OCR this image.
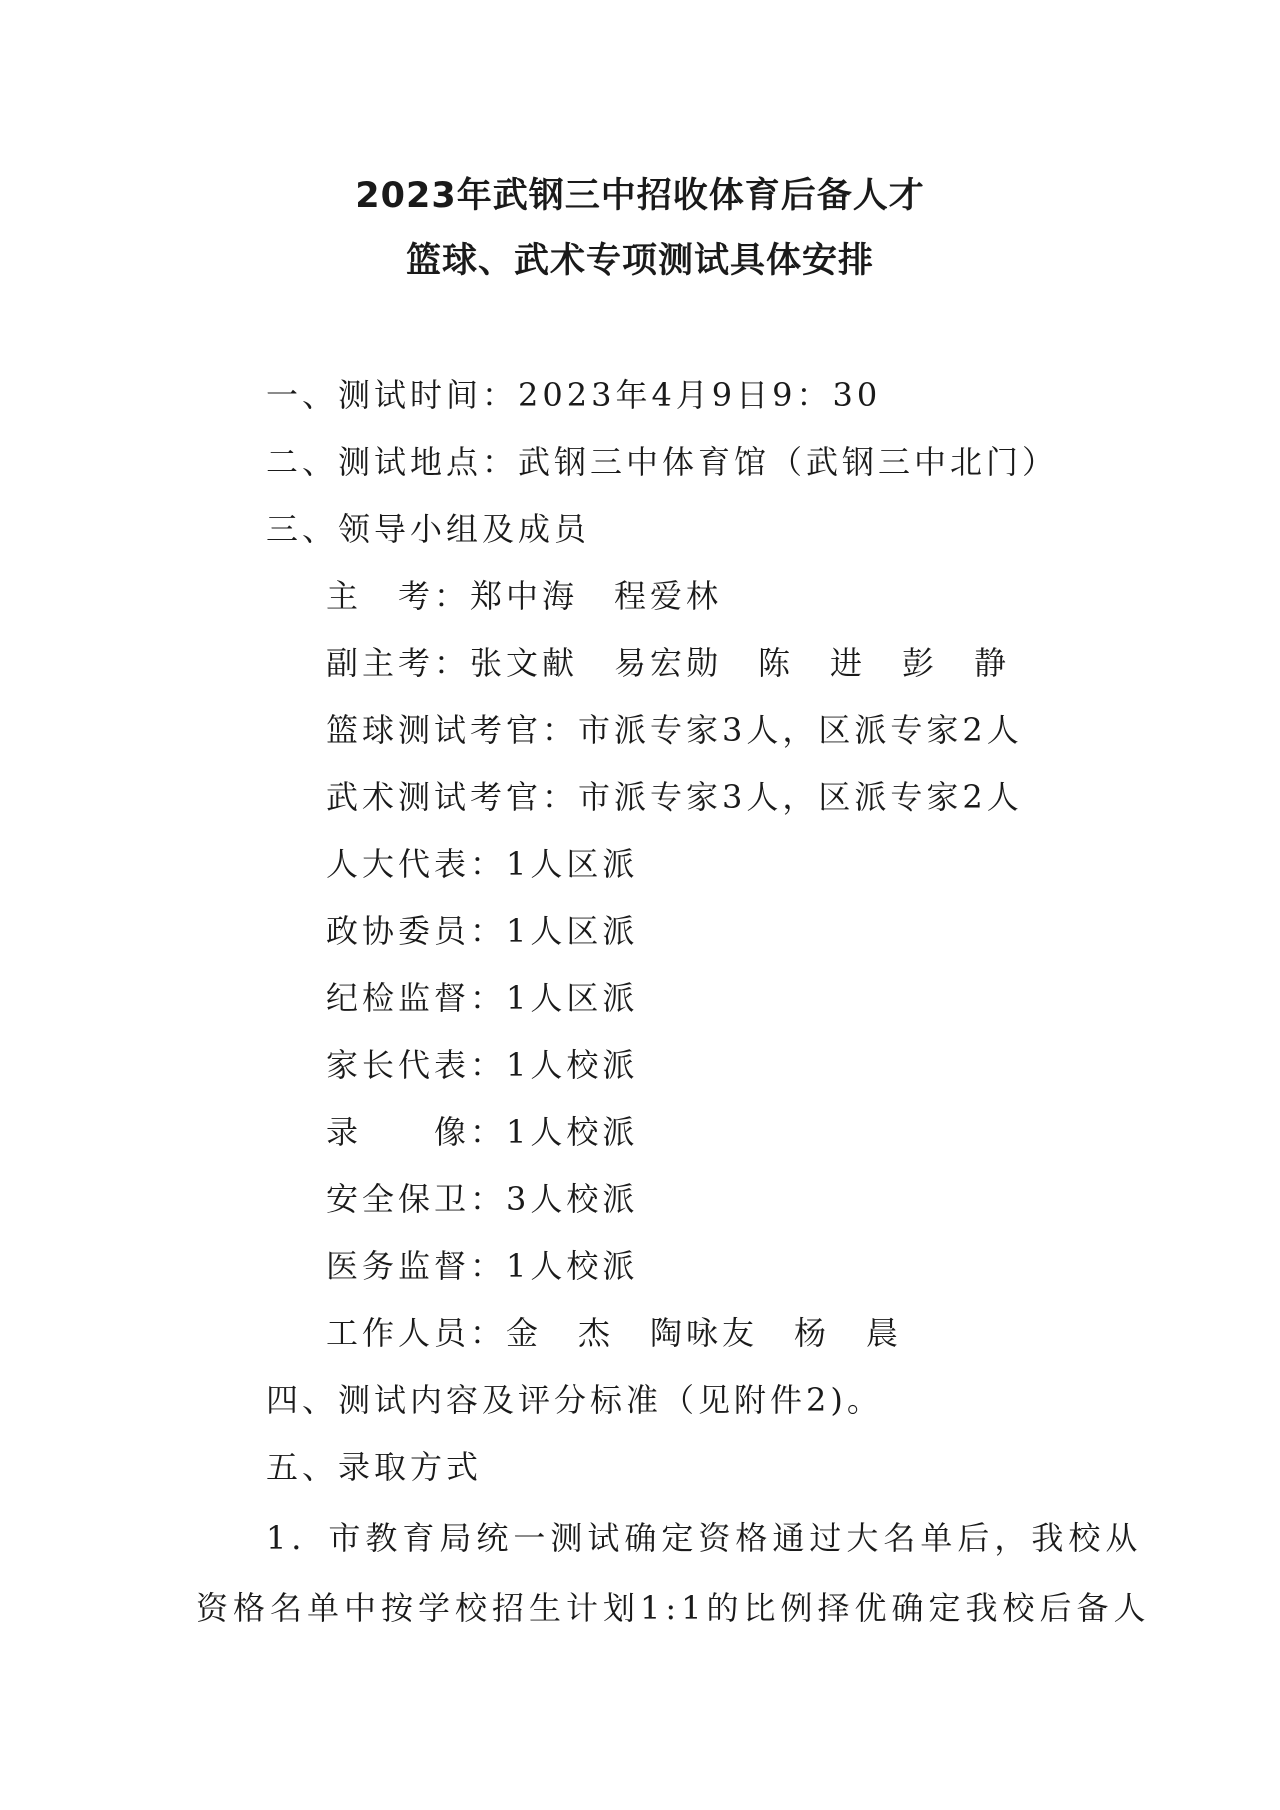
2023年武钢三中招收体育后备人才
篮球、武术专项测试具体安排
一、测试时间：2023年4月9日9：30
二、测试地点：武钢三中体育馆（武钢三中北门）
三、领导小组及成员
主　考：郑中海　程爱林
副主考：张文献　易宏勋　陈　进　彭　静
篮球测试考官：市派专家3人，区派专家2人
武术测试考官：市派专家3人，区派专家2人
人大代表：1人区派
政协委员：1人区派
纪检监督：1人区派
家长代表：1人校派
录　　像：1人校派
安全保卫：3人校派
医务监督：1人校派
工作人员：金　杰　陶咏友　杨　晨
四、测试内容及评分标准（见附件2)。
五、录取方式
1．市教育局统一测试确定资格通过大名单后，我校从
资格名单中按学校招生计划1:1的比例择优确定我校后备人
